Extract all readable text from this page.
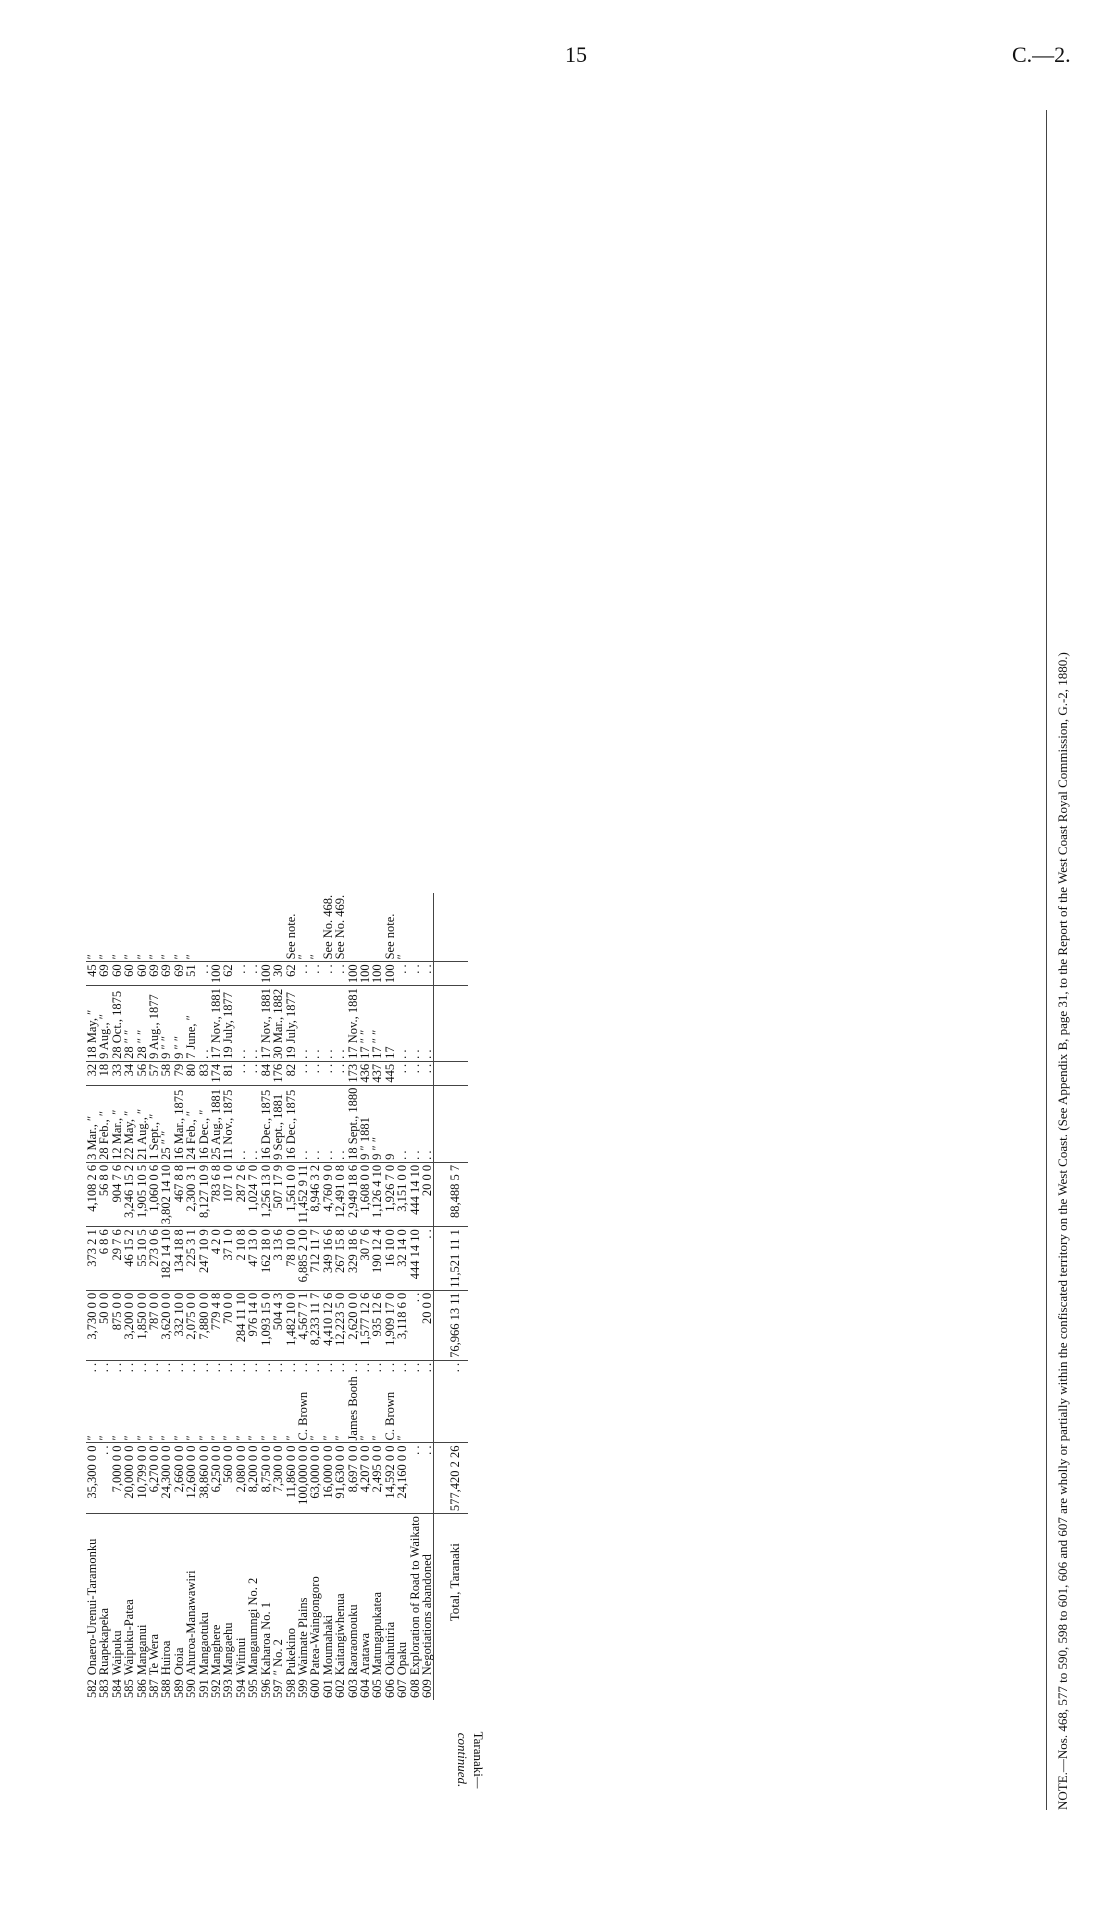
15	C.—2.
582	Onaero-Urenui-Taramonku	35,300 0 0	″	. .	3,730 0 0	373 2 1	4,108 2 6	3 Mar., ″	32	18 May, ″	45	″
583	Ruapekapeka	. .	″	. .	50 0 0	6 8 6	56 8 0	28 Feb., ″	18	9 Aug., ″	69	″
584	Waipuku	7,000 0 0	″	. .	875 0 0	29 7 6	904 7 6	12 Mar., ″	33	28 Oct., 1875	60	″
585	Waipuku-Patea	20,000 0 0	″	. .	3,200 0 0	46 15 2	3,246 15 2	22 May, ″	34	28 ″ ″	60	″
586	Manganui	10,799 0 0	″	. .	1,850 0 0	55 10 5	1,905 10 5	21 Aug., ″	56	28 ″ ″	60	″
587	Te Wera	6,270 0 0	″	. .	787 0 0	273 0 6	1,060 0 6	1 Sept., ″	57	9 Aug., 1877	69	″
588	Huiroa	24,300 0 0	″	. .	3,620 0 0	182 14 10	3,802 14 10	25 ″ ″	58	9 ″ ″	69	″
589	Otoia	2,660 0 0	″	. .	332 10 0	134 18 8	467 8 8	16 Mar., 1875	79	9 ″ ″	69	″
590	Ahuroa-Manawawiri	12,600 0 0	″	. .	2,075 0 0	225 3 1	2,300 3 1	24 Feb., ″	80	7 June, ″	51	″
591	Mangaotuku	38,860 0 0	″	. .	7,880 0 0	247 10 9	8,127 10 9	16 Dec., ″	83	. .	. .	
592	Manghere	6,250 0 0	″	. .	779 4 8	4 2 0	783 6 8	25 Aug., 1881	174	17 Nov., 1881	100	
593	Mangaehu	560 0 0	″	. .	70 0 0	37 1 0	107 1 0	11 Nov., 1875	81	19 July, 1877	62	
594	Witinui	2,080 0 0	″	. .	284 11 10	2 10 8	287 2 6	. .	. .	. .	. .	
595	Mangaumngi No. 2	8,200 0 0	″	. .	976 14 0	47 13 0	1,024 7 0	. .	. .	. .	. .	
596	Kaharoa No. 1	8,750 0 0	″	. .	1,093 15 0	162 18 0	1,256 13 0	16 Dec., 1875	84	17 Nov., 1881	100	
597	″ No. 2	7,300 0 0	″	. .	504 4 3	3 13 6	507 17 9	9 Sept., 1881	176	30 Mar., 1882	30	
598	Pukekino	11,860 0 0	″	. .	1,482 10 0	78 10 0	1,561 0 0	16 Dec., 1875	82	19 July, 1877	62	See note.
599	Waimate Plains	100,000 0 0	C. Brown	. .	4,567 7 1	6,885 2 10	11,452 9 11	. .	. .	. .	. .	″
600	Patea-Waingongoro	63,000 0 0	″	. .	8,233 11 7	712 11 7	8,946 3 2	. .	. .	. .	. .	″
601	Moumahaki	16,000 0 0	″	. .	4,410 12 6	349 16 6	4,760 9 0	. .	. .	. .	. .	See No. 468.
602	Kaitangiwhenua	91,630 0 0	″	. .	12,223 5 0	267 15 8	12,491 0 8	. .	. .	. .	. .	See No. 469.
603	Raoraomouku	8,697 0 0	James Booth	. .	2,620 0 0	329 18 6	2,949 18 6	18 Sept., 1880	173	17 Nov., 1881	100	
604	Aratawa	4,207 0 0	″	. .	1,577 12 6	30 7 6	1,608 0 0	9 ″ 1881	436	17 ″ ″	100	
605	Matungapukatea	2,495 0 0	″	. .	935 12 6	190 12 4	1,126 4 10	9 ″ ″	437	17 ″ ″	100	
606	Okahutiria	14,592 0 0	C. Brown	. .	1,909 17 0	16 10 0	1,926 7 0	9	445	17	100	See note.
607	Opaku	24,160 0 0	″	. .	3,118 6 0	32 14 0	3,151 0 0	. .	. .	. .	. .	″
608	Exploration of Road to Waikato	. .		. .	. .	444 14 10	444 14 10	. .	. .	. .	. .	
609	Negotiations abandoned	. .		. .	20 0 0	. .	20 0 0	. .	. .	. .	. .	
	Total, Taranaki	577,420 2 26		. .	76,966 13 11	11,521 11 1	88,488 5 7					
Taranaki—continued.	NOTE.—Nos. 468, 577 to 590, 598 to 601, 606 and 607 are wholly or partially within the confiscated territory on the West Coast. (See Appendix B, page 31, to the Report of the West Coast Royal Commission, G.-2, 1880.)
